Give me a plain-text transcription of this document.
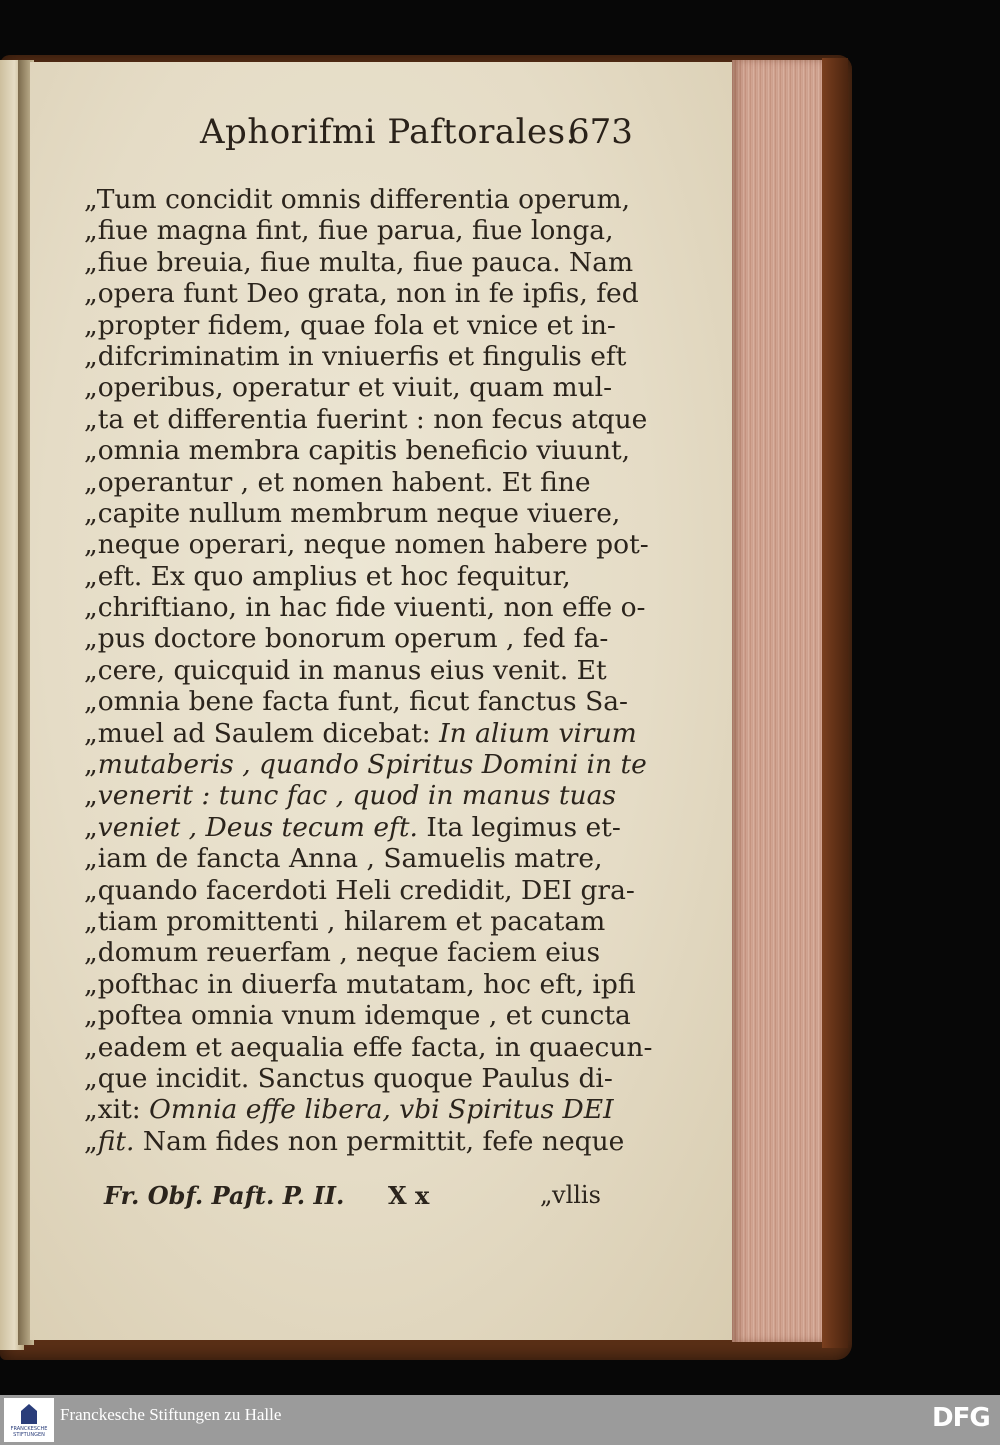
Aphorifmi Paftorales.
673
„Tum concidit omnis differentia operum,
„fiue magna fint, fiue parua, fiue longa,
„fiue breuia, fiue multa, fiue pauca. Nam
„opera funt Deo grata, non in fe ipfis, fed
„propter fidem, quae fola et vnice et in-
„difcriminatim in vniuerfis et fingulis eft
„operibus, operatur et viuit, quam mul-
„ta et differentia fuerint : non fecus atque
„omnia membra capitis beneficio viuunt,
„operantur , et nomen habent. Et fine
„capite nullum membrum neque viuere,
„neque operari, neque nomen habere pot-
„eft. Ex quo amplius et hoc fequitur,
„chriftiano, in hac fide viuenti, non effe o-
„pus doctore bonorum operum , fed fa-
„cere, quicquid in manus eius venit. Et
„omnia bene facta funt, ficut fanctus Sa-
„muel ad Saulem dicebat: In alium virum
„mutaberis , quando Spiritus Domini in te
„venerit : tunc fac , quod in manus tuas
„veniet , Deus tecum eft. Ita legimus et-
„iam de fancta Anna , Samuelis matre,
„quando facerdoti Heli credidit, DEI gra-
„tiam promittenti , hilarem et pacatam
„domum reuerfam , neque faciem eius
„pofthac in diuerfa mutatam, hoc eft, ipfi
„poftea omnia vnum idemque , et cuncta
„eadem et aequalia effe facta, in quaecun-
„que incidit. Sanctus quoque Paulus di-
„xit: Omnia effe libera, vbi Spiritus DEI
„fit. Nam fides non permittit, fefe neque
Fr. Obf. Paft. P. II. X x	„vllis
FRANCKESCHE STIFTUNGEN
Franckesche Stiftungen zu Halle	DFG
